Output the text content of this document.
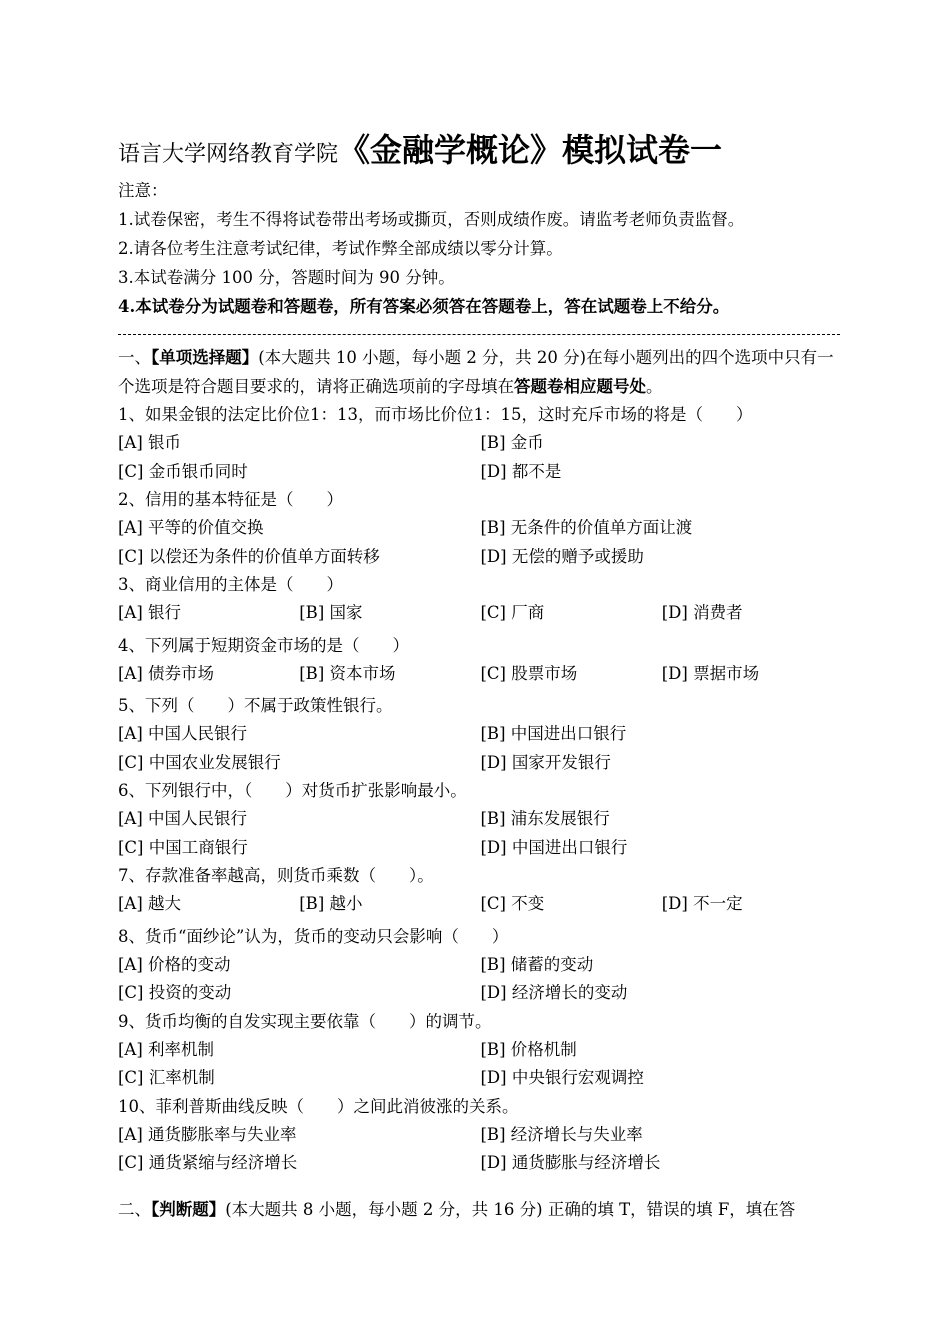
语言大学网络教育学院《金融学概论》模拟试卷一
注意：
1.试卷保密，考生不得将试卷带出考场或撕页，否则成绩作废。请监考老师负责监督。
2.请各位考生注意考试纪律，考试作弊全部成绩以零分计算。
3.本试卷满分 100 分，答题时间为 90 分钟。
4.本试卷分为试题卷和答题卷，所有答案必须答在答题卷上，答在试题卷上不给分。
一、【单项选择题】(本大题共 10 小题，每小题 2 分，共 20 分)在每小题列出的四个选项中只有一个选项是符合题目要求的，请将正确选项前的字母填在答题卷相应题号处。
1、如果金银的法定比价位1：13，而市场比价位1：15，这时充斥市场的将是（　　）
[A] 银币	[B] 金币
[C] 金币银币同时	[D] 都不是
2、信用的基本特征是（　　）
[A] 平等的价值交换	[B] 无条件的价值单方面让渡
[C] 以偿还为条件的价值单方面转移	[D] 无偿的赠予或援助
3、商业信用的主体是（　　）
[A] 银行	[B] 国家	[C] 厂商	[D] 消费者
4、下列属于短期资金市场的是（　　）
[A] 债券市场	[B] 资本市场	[C] 股票市场	[D] 票据市场
5、下列（　　）不属于政策性银行。
[A] 中国人民银行	[B] 中国进出口银行
[C] 中国农业发展银行	[D] 国家开发银行
6、下列银行中，（　　）对货币扩张影响最小。
[A] 中国人民银行	[B] 浦东发展银行
[C] 中国工商银行	[D] 中国进出口银行
7、存款准备率越高，则货币乘数（　　）。
[A] 越大	[B] 越小	[C] 不变	[D] 不一定
8、货币“面纱论”认为，货币的变动只会影响（　　）
[A] 价格的变动	[B] 储蓄的变动
[C] 投资的变动	[D] 经济增长的变动
9、货币均衡的自发实现主要依靠（　　）的调节。
[A] 利率机制	[B] 价格机制
[C] 汇率机制	[D] 中央银行宏观调控
10、菲利普斯曲线反映（　　）之间此消彼涨的关系。
[A] 通货膨胀率与失业率	[B] 经济增长与失业率
[C] 通货紧缩与经济增长	[D] 通货膨胀与经济增长
二、【判断题】(本大题共 8 小题，每小题 2 分，共 16 分) 正确的填 T，错误的填 F，填在答
